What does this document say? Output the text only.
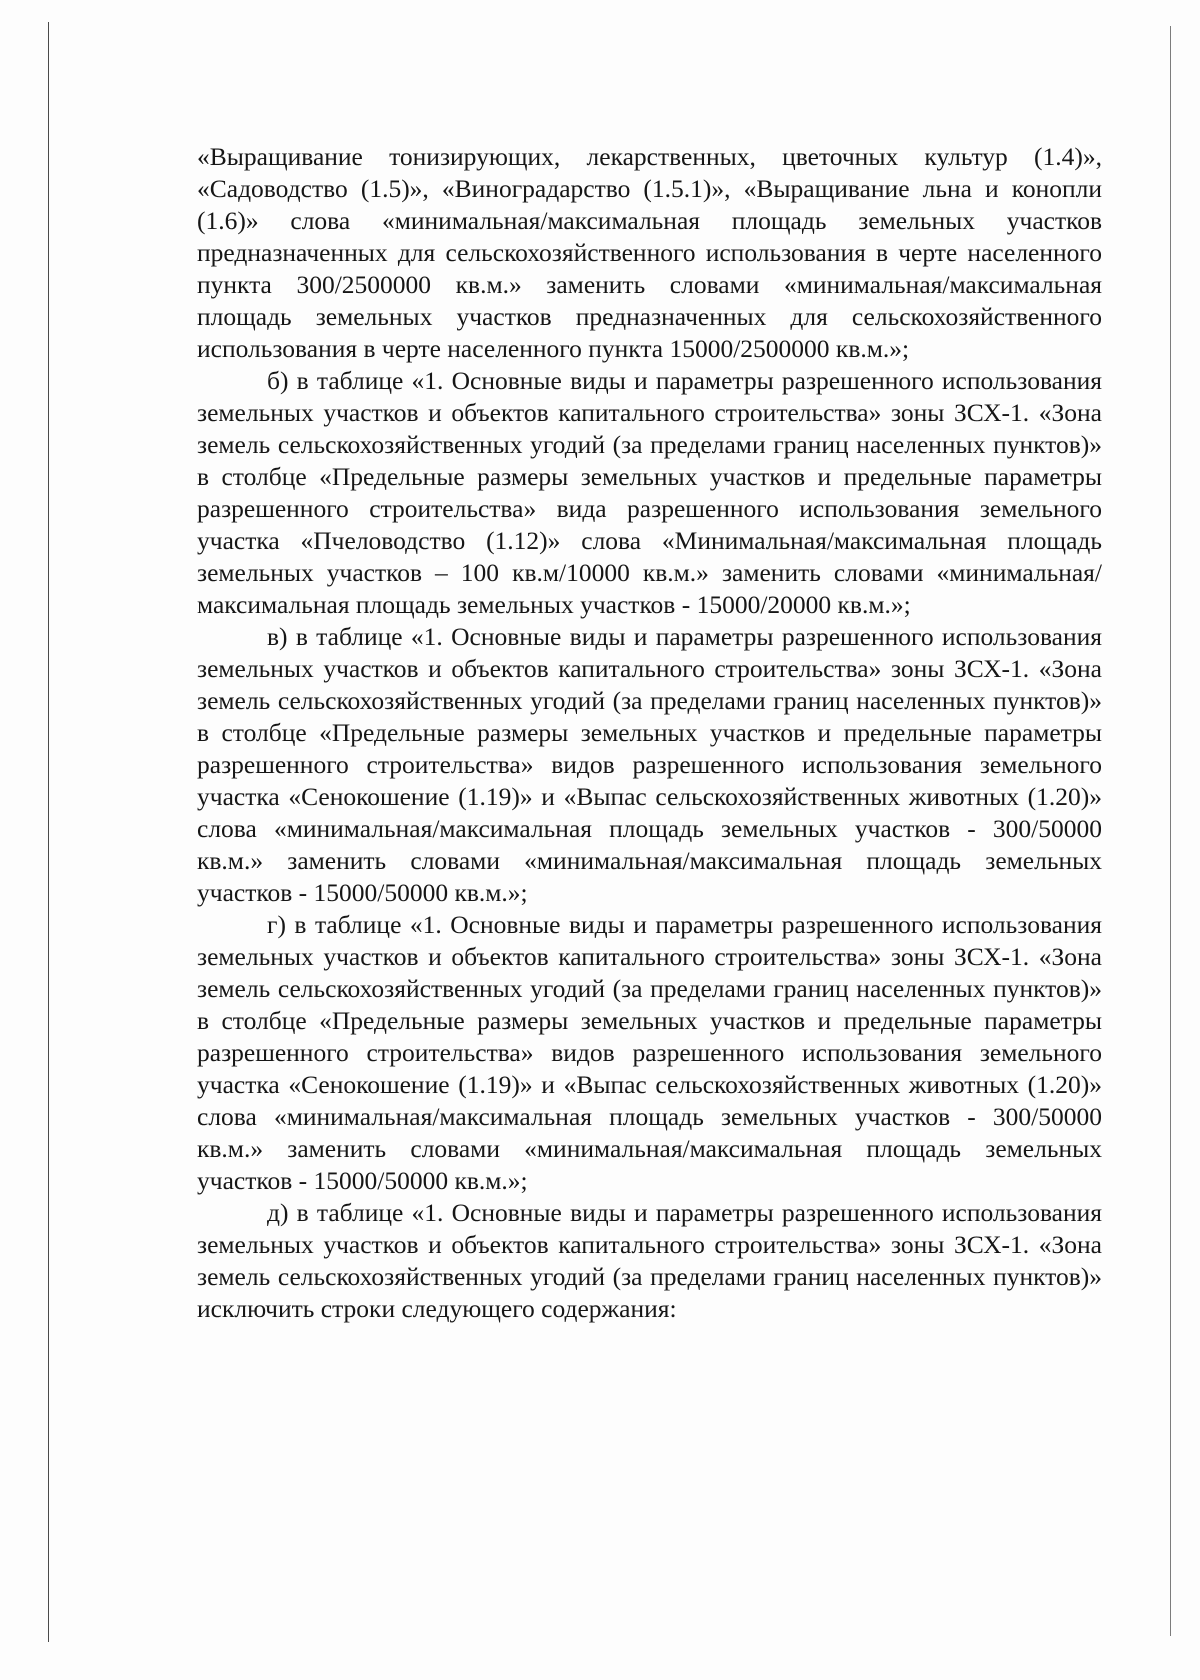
«Выращивание тонизирующих, лекарственных, цветочных культур (1.4)», «Садоводство (1.5)», «Виноградарство (1.5.1)», «Выращивание льна и конопли (1.6)» слова «минимальная/максимальная площадь земельных участков предназначенных для сельскохозяйственного использования в черте населенного пункта 300/2500000 кв.м.» заменить словами «минимальная/максимальная площадь земельных участков предназначенных для сельскохозяйственного использования в черте населенного пункта 15000/2500000 кв.м.»;

б) в таблице «1. Основные виды и параметры разрешенного использования земельных участков и объектов капитального строительства» зоны ЗСХ-1. «Зона земель сельскохозяйственных угодий (за пределами границ населенных пунктов)» в столбце «Предельные размеры земельных участков и предельные параметры разрешенного строительства» вида разрешенного использования земельного участка «Пчеловодство (1.12)» слова «Минимальная/максимальная площадь земельных участков – 100 кв.м/10000 кв.м.» заменить словами «минимальная/максимальная площадь земельных участков - 15000/20000 кв.м.»;

в) в таблице «1. Основные виды и параметры разрешенного использования земельных участков и объектов капитального строительства» зоны ЗСХ-1. «Зона земель сельскохозяйственных угодий (за пределами границ населенных пунктов)» в столбце «Предельные размеры земельных участков и предельные параметры разрешенного строительства» видов разрешенного использования земельного участка «Сенокошение (1.19)» и «Выпас сельскохозяйственных животных (1.20)» слова «минимальная/максимальная площадь земельных участков - 300/50000 кв.м.» заменить словами «минимальная/максимальная площадь земельных участков - 15000/50000 кв.м.»;

г) в таблице «1. Основные виды и параметры разрешенного использования земельных участков и объектов капитального строительства» зоны ЗСХ-1. «Зона земель сельскохозяйственных угодий (за пределами границ населенных пунктов)» в столбце «Предельные размеры земельных участков и предельные параметры разрешенного строительства» видов разрешенного использования земельного участка «Сенокошение (1.19)» и «Выпас сельскохозяйственных животных (1.20)» слова «минимальная/максимальная площадь земельных участков - 300/50000 кв.м.» заменить словами «минимальная/максимальная площадь земельных участков - 15000/50000 кв.м.»;

д) в таблице «1. Основные виды и параметры разрешенного использования земельных участков и объектов капитального строительства» зоны ЗСХ-1. «Зона земель сельскохозяйственных угодий (за пределами границ населенных пунктов)» исключить строки следующего содержания:
